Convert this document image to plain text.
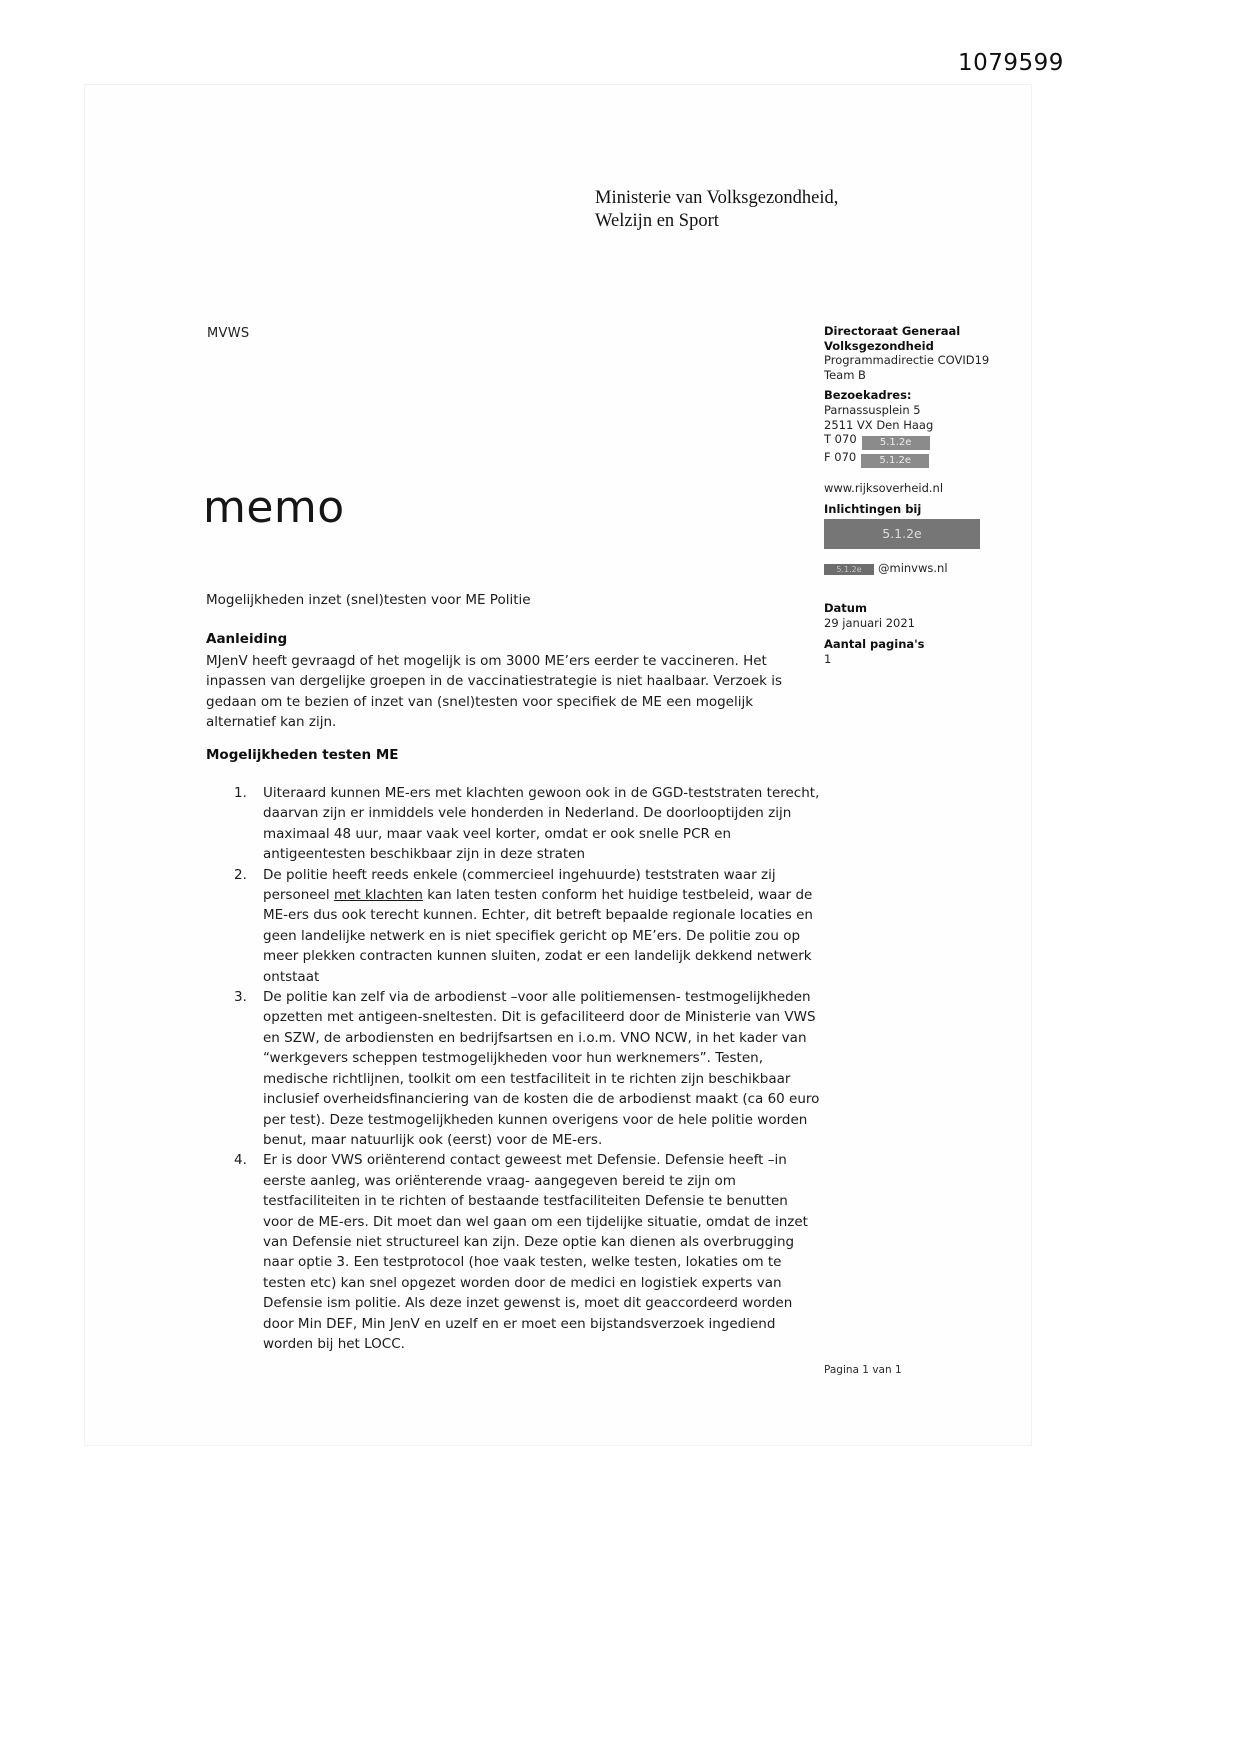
1079599
Ministerie van Volksgezondheid,
Welzijn en Sport
MVWS	Directoraat Generaal
Volksgezondheid
Programmadirectie COVID19
Team B
Bezoekadres:
Parnassusplein 5
2511 VX Den Haag
T 070 5.1.2e
F 070 5.1.2e
www.rijksoverheid.nl
Inlichtingen bij
5.1.2e
5.1.2e @minvws.nl
Datum
29 januari 2021
Aantal pagina's
1
memo
Mogelijkheden inzet (snel)testen voor ME Politie
Aanleiding

MJenV heeft gevraagd of het mogelijk is om 3000 ME’ers eerder te vaccineren. Het inpassen van dergelijke groepen in de vaccinatiestrategie is niet haalbaar. Verzoek is gedaan om te bezien of inzet van (snel)testen voor specifiek de ME een mogelijk alternatief kan zijn.

Mogelijkheden testen ME
1.	Uiteraard kunnen ME-ers met klachten gewoon ook in de GGD-teststraten terecht, daarvan zijn er inmiddels vele honderden in Nederland. De doorlooptijden zijn maximaal 48 uur, maar vaak veel korter, omdat er ook snelle PCR en antigeentesten beschikbaar zijn in deze straten
2.	De politie heeft reeds enkele (commercieel ingehuurde) teststraten waar zij personeel met klachten kan laten testen conform het huidige testbeleid, waar de ME-ers dus ook terecht kunnen. Echter, dit betreft bepaalde regionale locaties en geen landelijke netwerk en is niet specifiek gericht op ME’ers. De politie zou op meer plekken contracten kunnen sluiten, zodat er een landelijk dekkend netwerk ontstaat
3.	De politie kan zelf via de arbodienst –voor alle politiemensen- testmogelijkheden opzetten met antigeen-sneltesten. Dit is gefaciliteerd door de Ministerie van VWS en SZW, de arbodiensten en bedrijfsartsen en i.o.m. VNO NCW, in het kader van “werkgevers scheppen testmogelijkheden voor hun werknemers”. Testen, medische richtlijnen, toolkit om een testfaciliteit in te richten zijn beschikbaar inclusief overheidsfinanciering van de kosten die de arbodienst maakt (ca 60 euro per test). Deze testmogelijkheden kunnen overigens voor de hele politie worden benut, maar natuurlijk ook (eerst) voor de ME-ers.
4.	Er is door VWS oriënterend contact geweest met Defensie. Defensie heeft –in eerste aanleg, was oriënterende vraag- aangegeven bereid te zijn om testfaciliteiten in te richten of bestaande testfaciliteiten Defensie te benutten voor de ME-ers. Dit moet dan wel gaan om een tijdelijke situatie, omdat de inzet van Defensie niet structureel kan zijn. Deze optie kan dienen als overbrugging naar optie 3. Een testprotocol (hoe vaak testen, welke testen, lokaties om te testen etc) kan snel opgezet worden door de medici en logistiek experts van Defensie ism politie. Als deze inzet gewenst is, moet dit geaccordeerd worden door Min DEF, Min JenV en uzelf en er moet een bijstandsverzoek ingediend worden bij het LOCC.
Pagina 1 van 1
